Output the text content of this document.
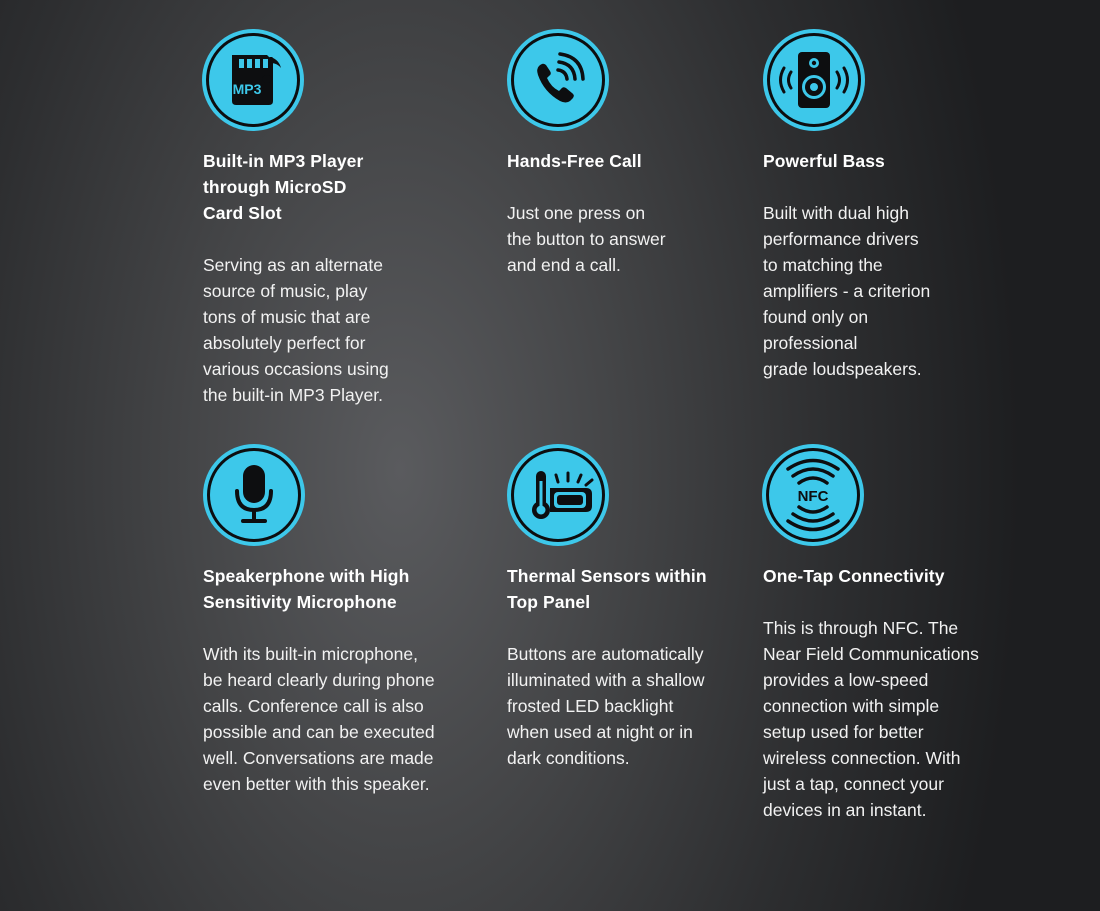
MP3
Built-in MP3 Player
through MicroSD
Card Slot
Serving as an alternate
source of music, play
tons of music that are
absolutely perfect for
various occasions using
the built-in MP3 Player.
Hands-Free Call
Just one press on
the button to answer
and end a call.
Powerful Bass
Built with dual high
performance drivers
to matching the
amplifiers - a criterion
found only on
professional
grade loudspeakers.
Speakerphone with High
Sensitivity Microphone
With its built-in microphone,
be heard clearly during phone
calls. Conference call is also
possible and can be executed
well. Conversations are made
even better with this speaker.
Thermal Sensors within
Top Panel
Buttons are automatically
illuminated with a shallow
frosted LED backlight
when used at night or in
dark conditions.
NFC
One-Tap Connectivity
This is through NFC. The
Near Field Communications
provides a low-speed
connection with simple
setup used for better
wireless connection. With
just a tap, connect your
devices in an instant.
